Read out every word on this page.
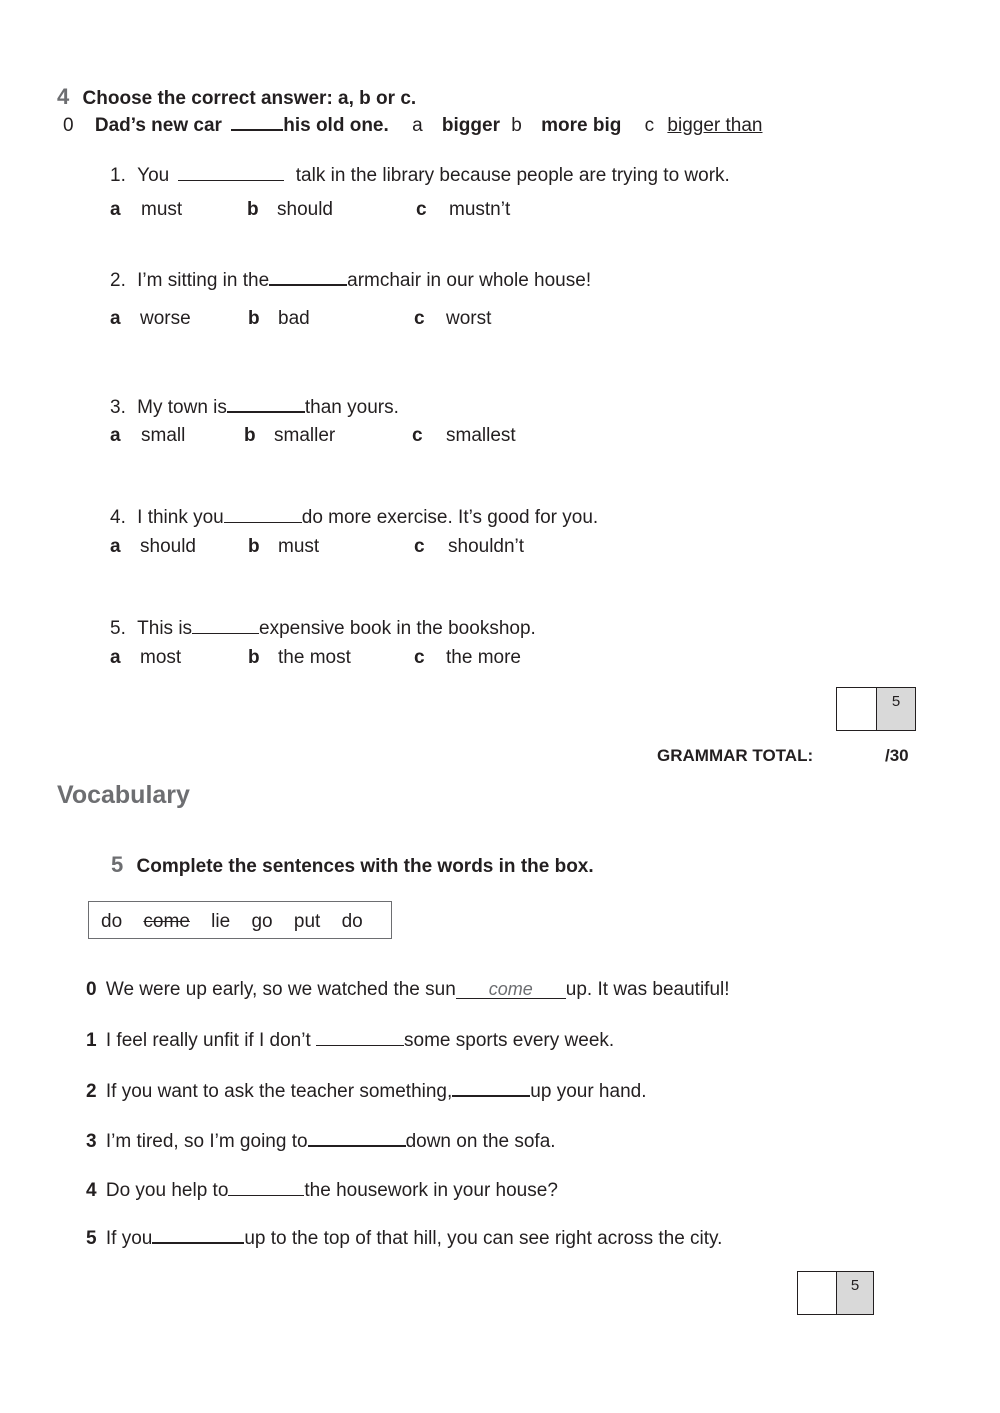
4 Choose the correct answer: a, b or c.
0 Dad’s new car	his old one. a bigger b more big c bigger than
1. You	talk in the library because people are trying to work.
a must	b should	c mustn’t
2. I’m sitting in the	armchair in our whole house!
a worse	b bad	c worst
3. My town is	than yours.
a small	b smaller	c smallest
4. I think you	do more exercise. It’s good for you.
a should	b must	c shouldn’t
5. This is	expensive book in the bookshop.
a most	b the most	c the more
5
GRAMMAR TOTAL:	/30
Vocabulary
5 Complete the sentences with the words in the box.
do come lie go put do
0 We were up early, so we watched the sun come up. It was beautiful!
1 I feel really unfit if I don’t	some sports every week.
2 If you want to ask the teacher something,	up your hand.
3 I’m tired, so I’m going to	down on the sofa.
4 Do you help to	the housework in your house?
5 If you	up to the top of that hill, you can see right across the city.
5
